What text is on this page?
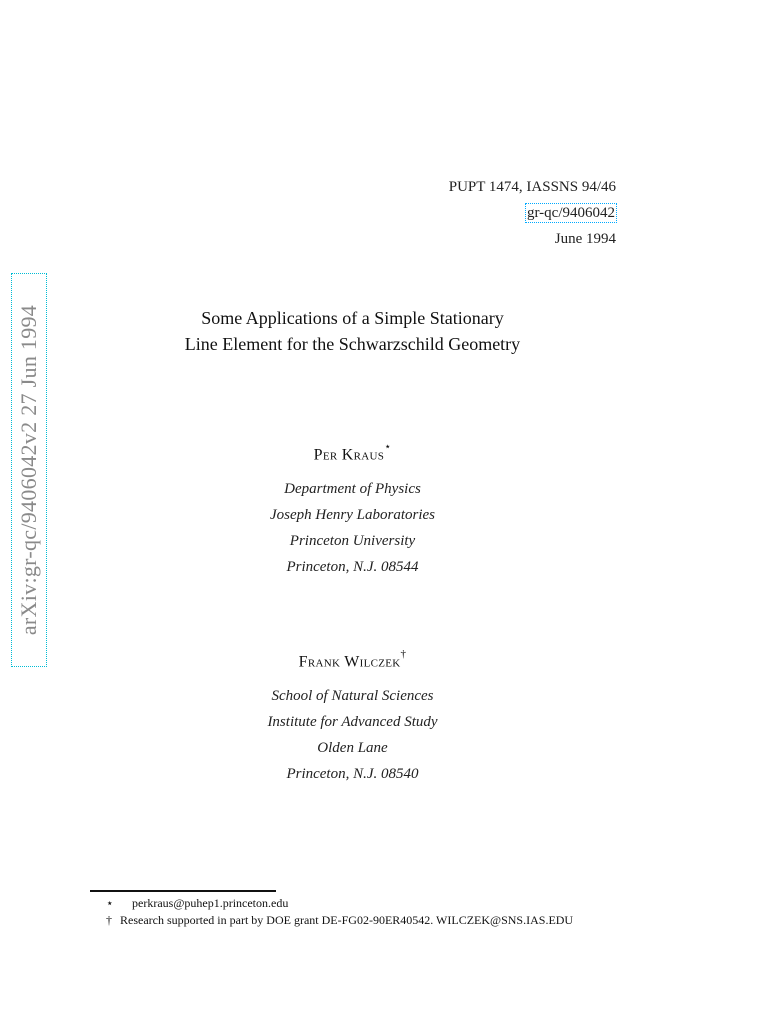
arXiv:gr-qc/9406042v2 27 Jun 1994
PUPT 1474, IASSNS 94/46
gr-qc/9406042
June 1994
Some Applications of a Simple Stationary
Line Element for the Schwarzschild Geometry
Per Kraus⋆
Department of Physics
Joseph Henry Laboratories
Princeton University
Princeton, N.J. 08544
Frank Wilczek†
School of Natural Sciences
Institute for Advanced Study
Olden Lane
Princeton, N.J. 08540
⋆ perkraus@puhep1.princeton.edu
† Research supported in part by DOE grant DE-FG02-90ER40542. WILCZEK@SNS.IAS.EDU
